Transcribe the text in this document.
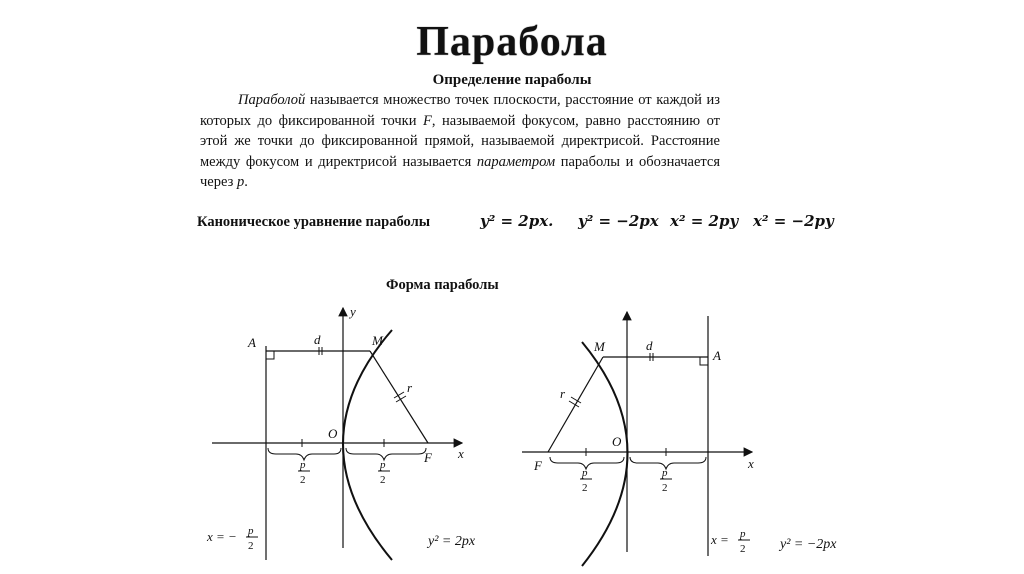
Парабола
Определение параболы

Параболой называется множество точек плоскости, расстояние от каждой из которых до фиксированной точки F, называемой фокусом, равно расстоянию от этой же точки до фиксированной прямой, называемой директрисой. Расстояние между фокусом и директрисой называется параметром параболы и обозначается через p.

Каноническое уравнение параболы	y² = 2px. y² = −2px x² = 2py x² = −2py
Форма параболы
y
x
A	M
O
F
d
r
p
2
p
2
x = − p
2	y² = 2px
x
A
M
O
F
d
r
p
2
p
2
x = p
2 y² = −2px
